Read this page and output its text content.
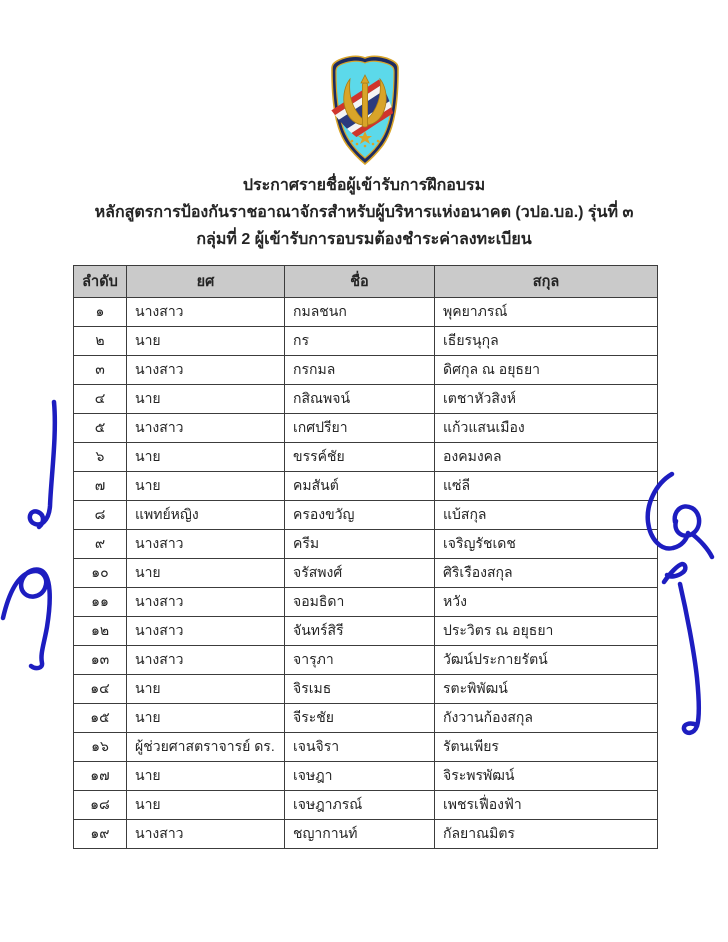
ประกาศรายชื่อผู้เข้ารับการฝึกอบรม
หลักสูตรการป้องกันราชอาณาจักรสำหรับผู้บริหารแห่งอนาคต (วปอ.บอ.) รุ่นที่ ๓
กลุ่มที่ 2 ผู้เข้ารับการอบรมต้องชำระค่าลงทะเบียน
ลำดับ	ยศ	ชื่อ	สกุล
๑	นางสาว	กมลชนก	พุคยาภรณ์
๒	นาย	กร	เธียรนุกุล
๓	นางสาว	กรกมล	ดิศกุล ณ อยุธยา
๔	นาย	กสิณพจน์	เตชาหัวสิงห์
๕	นางสาว	เกศปรียา	แก้วแสนเมือง
๖	นาย	ขรรค์ชัย	องคมงคล
๗	นาย	คมสันต์	แซ่ลี
๘	แพทย์หญิง	ครองขวัญ	แบ้สกุล
๙	นางสาว	ครีม	เจริญรัชเดช
๑๐	นาย	จรัสพงศ์	ศิริเรืองสกุล
๑๑	นางสาว	จอมธิดา	หวัง
๑๒	นางสาว	จันทร์สิรี	ประวิตร ณ อยุธยา
๑๓	นางสาว	จารุภา	วัฒน์ประกายรัตน์
๑๔	นาย	จิรเมธ	รตะพิพัฒน์
๑๕	นาย	จีระชัย	กังวานก้องสกุล
๑๖	ผู้ช่วยศาสตราจารย์ ดร.	เจนจิรา	รัตนเพียร
๑๗	นาย	เจษฎา	จิระพรพัฒน์
๑๘	นาย	เจษฎาภรณ์	เพชรเฟื่องฟ้า
๑๙	นางสาว	ชญากานท์	กัลยาณมิตร
